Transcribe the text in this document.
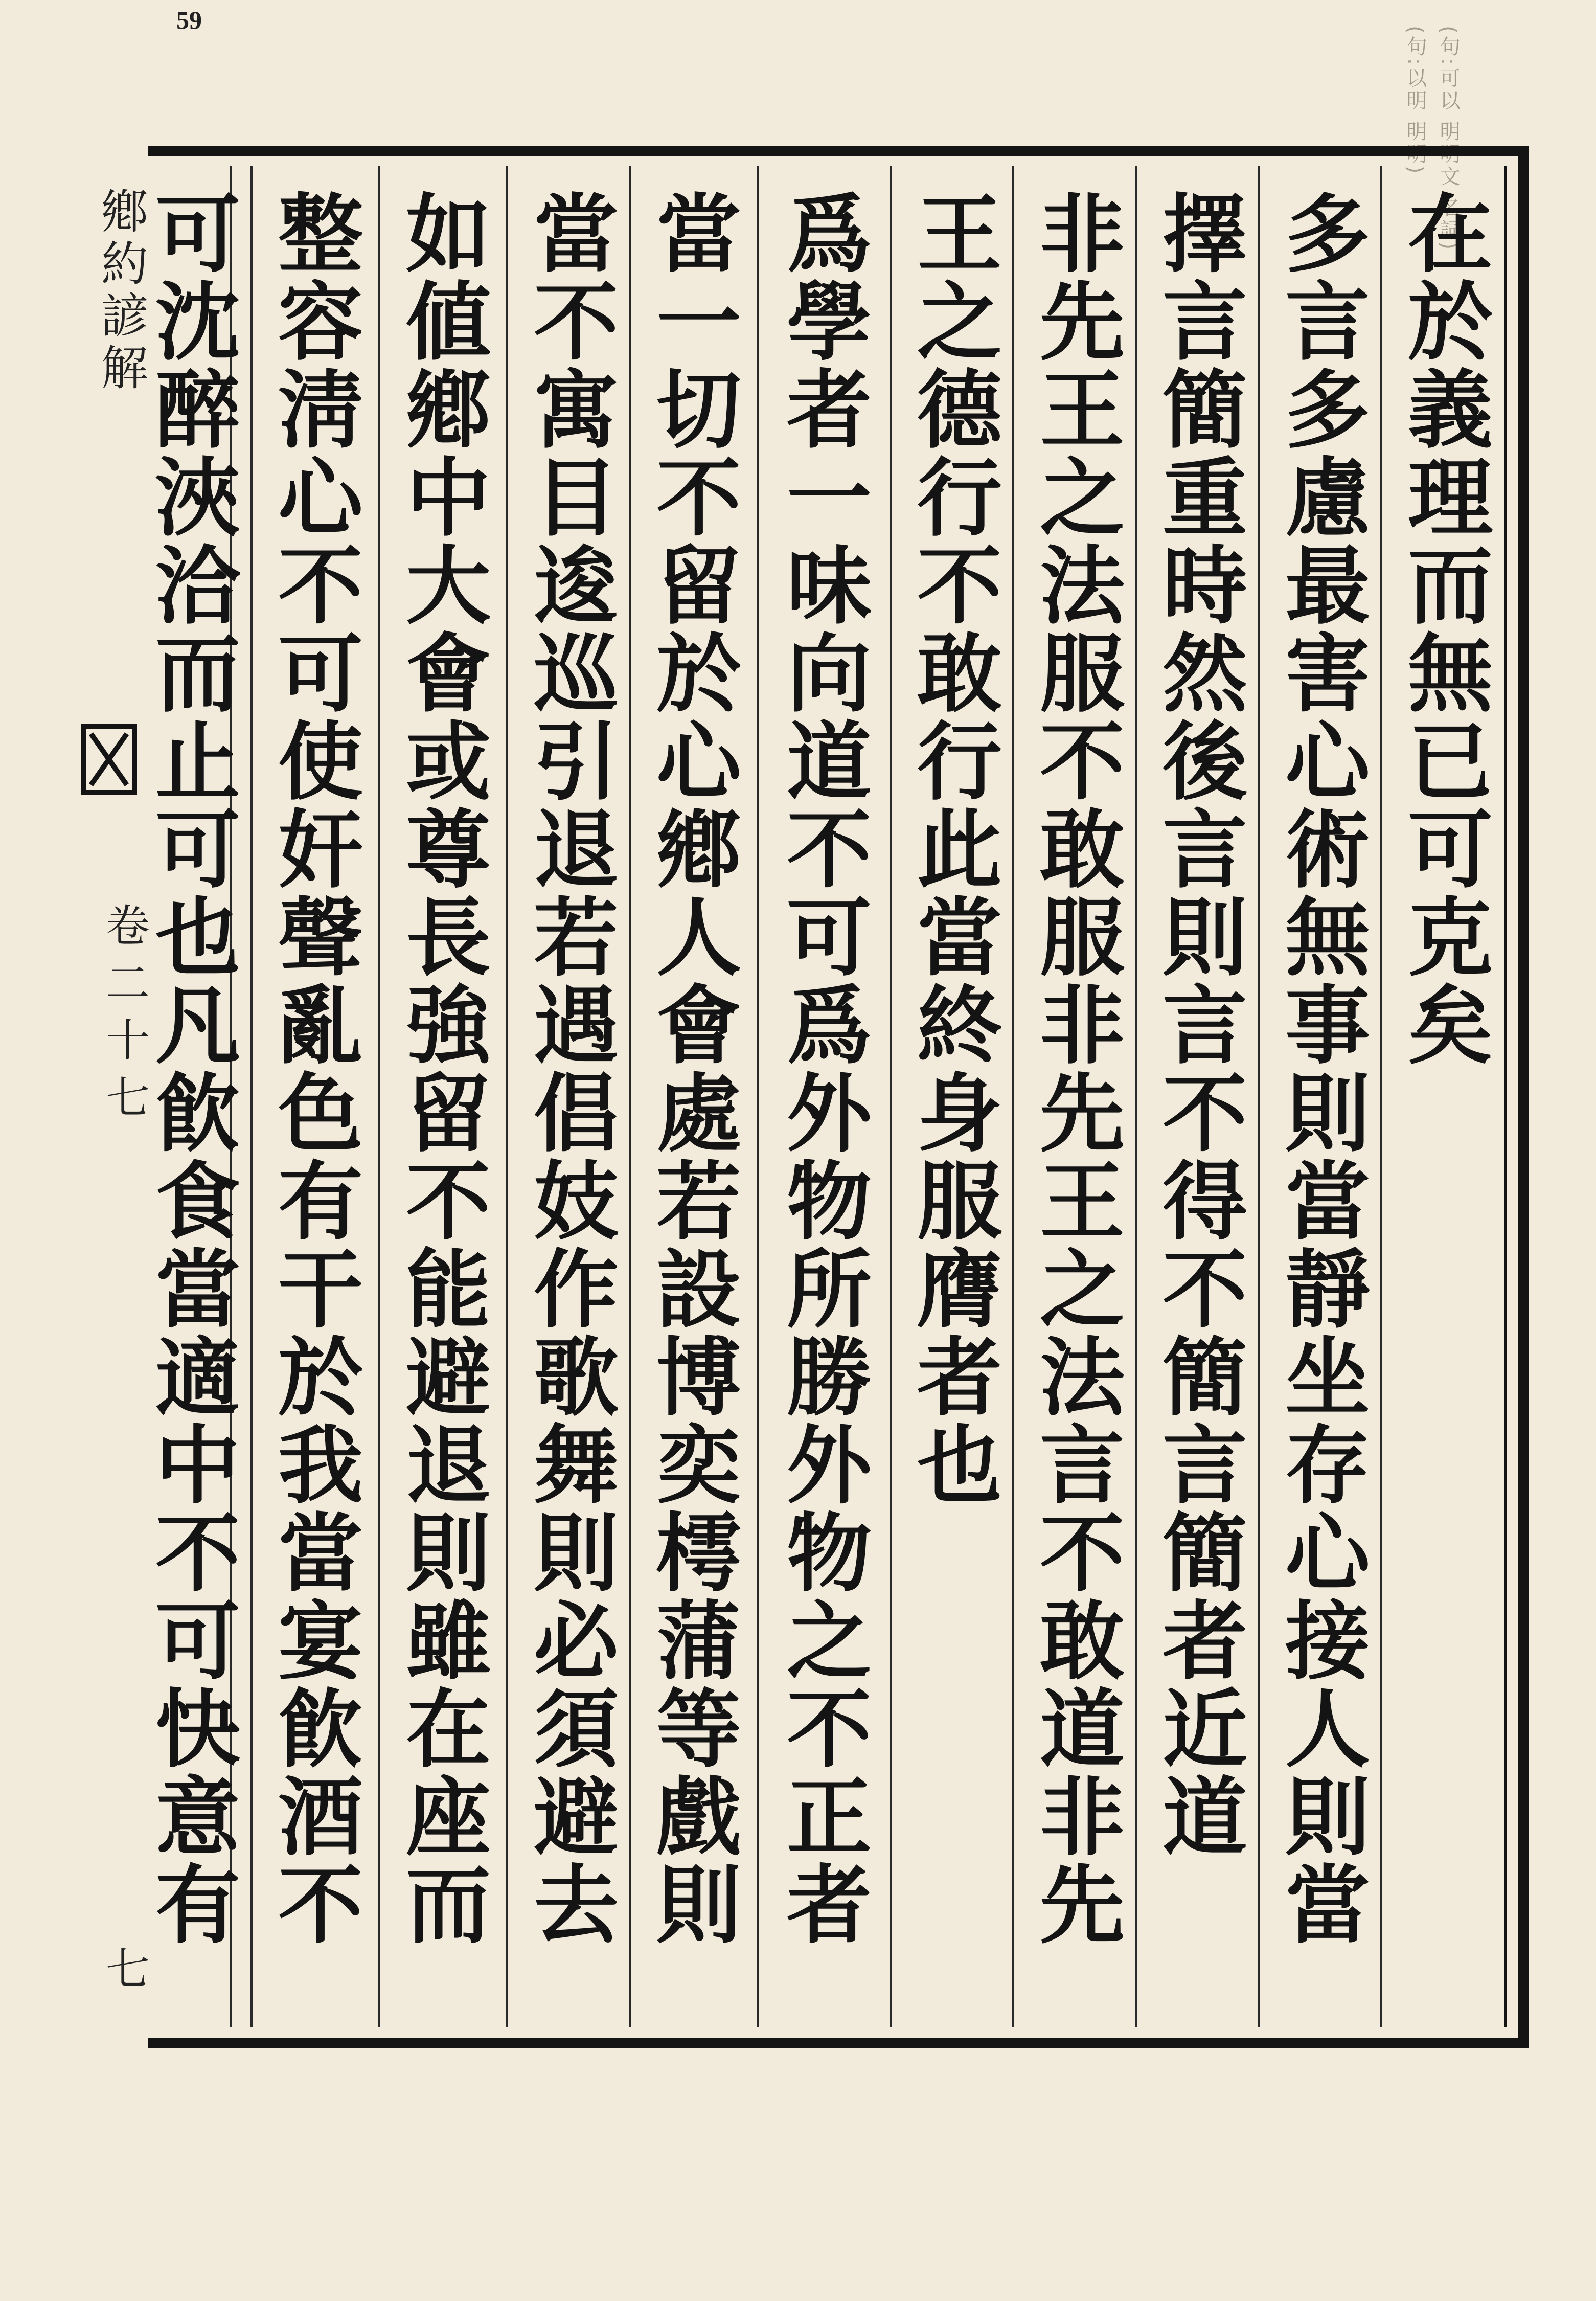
59
(句:可以 明明文 名詞)
(句:以明 明明)
在於義理而無已可克矣
多言多慮最害心術無事則當靜坐存心接人則當
擇言簡重時然後言則言不得不簡言簡者近道
非先王之法服不敢服非先王之法言不敢道非先
王之德行不敢行此當終身服膺者也
爲學者一味向道不可爲外物所勝外物之不正者
當一切不留於心鄕人會處若設博奕樗蒲等戲則
當不寓目逡巡引退若遇倡妓作歌舞則必須避去
如値鄕中大會或尊長強留不能避退則雖在座而
整容淸心不可使奸聲亂色有干於我當宴飮酒不
可沈醉浹洽而止可也凡飮食當適中不可快意有
鄕約諺解
卷二十七
七
